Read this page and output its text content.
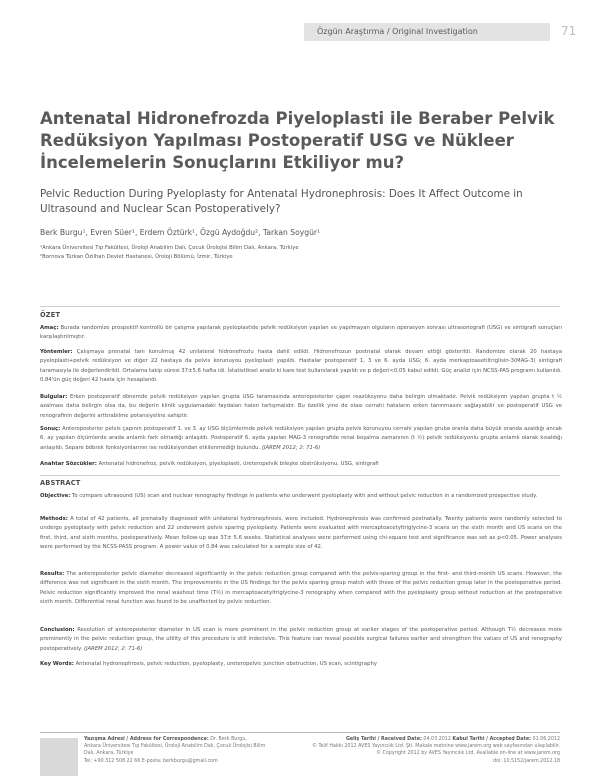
Özgün Araştırma / Original Investigation	71
Antenatal Hidronefrozda Piyeloplasti ile Beraber Pelvik Redüksiyon Yapılması Postoperatif USG ve Nükleer İncelemelerin Sonuçlarını Etkiliyor mu?

Pelvic Reduction During Pyeloplasty for Antenatal Hydronephrosis: Does It Affect Outcome in Ultrasound and Nuclear Scan Postoperatively?

Berk Burgu¹, Evren Süer¹, Erdem Öztürk¹, Özgü Aydoğdu², Tarkan Soygür¹
¹Ankara Üniversitesi Tıp Fakültesi, Üroloji Anabilim Dalı, Çocuk Ürolojisi Bilim Dalı, Ankara, Türkiye
²Bornova Türkan Özilhan Devlet Hastanesi, Üroloji Bölümü, İzmir, Türkiye
ÖZET

Amaç: Burada randomize prospektif kontrollü bir çalışma yapılarak pyeloplastide pelvik redüksiyon yapılan ve yapılmayan olguların operasyon sonrası ultrasonografi (USG) ve sintigrafi sonuçları karşılaştırılmıştır.

Yöntemler: Çalışmaya prenatal tanı konulmuş 42 unilateral hidronefrozlu hasta dahil edildi. Hidronefrozun postnatal olarak devam ettiği gösterildi. Randomize olarak 20 hastaya pyeloplasti+pelvik redüksiyon ve diğer 22 hastaya da pelvis korunuyou pyeloplasti yapıldı. Hastalar postoperatif 1, 3 ve 6. ayda USG; 6. ayda merkaptoasetiltriglisin-3(MAG-3) sintigrafi taramasıyla ile değerlendirildi. Ortalama takip süresi 37±5.6 hafta idi. İstatistiksel analiz ki kare test kullanılarak yapıldı ve p değeri<0.05 kabul edildi. Güç analizi için NCSS-PAS programı kullanıldı. 0.84'ün güç değeri 42 hasta için hesaplandı.

Bulgular: Erken postoperatif dönemde pelvik redüksiyon yapılan grupta USG taramasında anteroposterior çapın reazüksyonu daha belirgin olmaktadır. Pelvik redüksiyon yapılan grupta t ½ azalması daha belirgin olsa da, bu değerin klinik uygulamadaki faydaları halen tartışmalıdır. Bu özellik yine de olası cerrahi hataların erken tanınmasını sağlayabilir ve postoperatif USG ve renografinin değerini arttırabilme potansiyeline sahiptir.

Sonuç: Anteroposterior pelvis çapının postoperatif 1. ve 3. ay USG ölçümlerinde pelvik redüksiyon yapılan grupta pelvis korunuyou cerrahi yapılan gruba oranla daha büyük oranda azaldığı ancak 6. ay yapılan ölçümlerde arada anlamlı fark olmadığı anlaşıldı. Postoperatif 6. ayda yapılan MAG-3 renografide renal boşalma zamanının (t ½) pelvik redüksiyonlu grupta anlamlı olarak kısaldığı anlaşıldı. Separe böbrek fonksiyonlarının ise redüksiyondan etkilenmediği bulundu. (JAREM 2012; 2: 71-6)

Anahtar Sözcükler: Antenatal hidronefroz, pelvik redüksiyon, piyeloplasti, üreteropelvik bileşke obstrüksiyonu, USG, sintigrafi

ABSTRACT

Objective: To compare ultrasound (US) scan and nuclear renography findings in patients who underwent pyeloplasty with and without pelvic reduction in a randomized prospective study.

Methods: A total of 42 patients, all prenatally diagnosed with unilateral hydronephrosis, were included. Hydronephrosis was confirmed postnatally. Twenty patients were randomly selected to undergo pyeloplasty with pelvic reduction and 22 underwent pelvis sparing pyeloplasty. Patients were evaluated with mercaptoacetyltriglycine-3 scans on the sixth month and US scans on the first, third, and sixth months, postoperatively. Mean follow-up was 37± 5.6 weeks. Statistical analyses were performed using chi-square test and significance was set as p<0.05. Power analyses were performed by the NCSS-PASS program. A power value of 0.84 was calculated for a sample size of 42.

Results: The anteroposterior pelvic diameter decreased significantly in the pelvic reduction group compared with the pelvis-sparing group in the first- and third-month US scans. However, the difference was not significant in the sixth month. The improvements in the US findings for the pelvis sparing group match with those of the pelvic reduction group later in the postoperative period. Pelvic reduction significantly improved the renal washout time (T½) in mercaptoacetyltriglycine-3 renography when compared with the pyeloplasty group without reduction at the postoperative sixth month. Differential renal function was found to be unaffected by pelvic reduction.

Conclusion: Resolution of anteroposterior diameter in US scan is more prominent in the pelvic reduction group at earlier stages of the postoperative period. Although T½ decreases more prominently in the pelvic reduction group, the utility of this procedure is still indecisive. This feature can reveal possible surgical failures earlier and strengthen the values of US and renography postoperatively. (JAREM 2012; 2: 71-6)

Key Words: Antenatal hydronephrosis, pelvic reduction, pyeloplasty, ureteropelvic junction obstruction, US scan, scintigraphy

Yazışma Adresi / Address for Correspondence: Dr. Berk Burgu,
Ankara Üniversitesi Tıp Fakültesi, Üroloji Anabilim Dalı, Çocuk Ürolojisi Bilim
Dalı, Ankara, Türkiye
Tel: +90 312 508 22 66 E-posta: berkburgu@gmail.com
Geliş Tarihi / Received Date: 04.03.2012 Kabul Tarihi / Accepted Date: 01.06.2012
© Telif Hakkı 2012 AVES Yayıncılık Ltd. Şti. Makale metnine www.jarem.org web sayfasından ulaşılabilir.
© Copyright 2012 by AVES Yayıncılık Ltd. Available on-line at www.jarem.org
doi: 10.5152/jarem.2012.18
